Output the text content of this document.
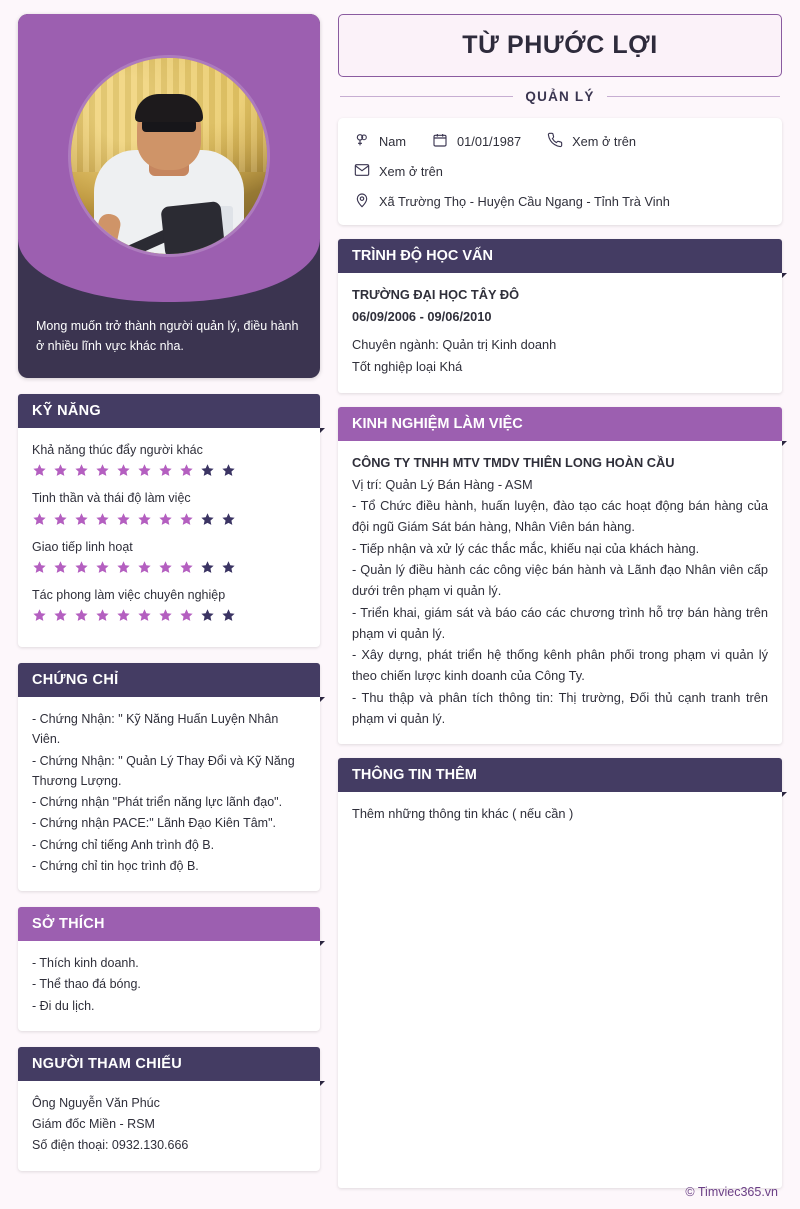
Mong muốn trở thành người quản lý, điều hành ở nhiều lĩnh vực khác nha.
KỸ NĂNG
Khả năng thúc đẩy người khác
Tinh thần và thái độ làm việc
Giao tiếp linh hoạt
Tác phong làm việc chuyên nghiệp
CHỨNG CHỈ

- Chứng Nhận: " Kỹ Năng Huấn Luyện Nhân Viên.

- Chứng Nhận: " Quản Lý Thay Đổi và Kỹ Năng Thương Lượng.

- Chứng nhận "Phát triển năng lực lãnh đạo".

- Chứng nhận PACE:" Lãnh Đạo Kiên Tâm".

- Chứng chỉ tiếng Anh trình độ B.

- Chứng chỉ tin học trình độ B.

SỞ THÍCH

- Thích kinh doanh.

- Thể thao đá bóng.

- Đi du lịch.

NGƯỜI THAM CHIẾU

Ông Nguyễn Văn Phúc

Giám đốc Miền - RSM

Số điện thoại: 0932.130.666

TỪ PHƯỚC LỢI
QUẢN LÝ
Nam	01/01/1987	Xem ở trên
Xem ở trên
Xã Trường Thọ - Huyện Cầu Ngang - Tỉnh Trà Vinh
TRÌNH ĐỘ HỌC VẤN

TRƯỜNG ĐẠI HỌC TÂY ĐÔ

06/09/2006 - 09/06/2010

Chuyên ngành: Quản trị Kinh doanh

Tốt nghiệp loại Khá

KINH NGHIỆM LÀM VIỆC

CÔNG TY TNHH MTV TMDV THIÊN LONG HOÀN CẦU

Vị trí: Quản Lý Bán Hàng - ASM

- Tổ Chức điều hành, huấn luyện, đào tạo các hoạt động bán hàng của đội ngũ Giám Sát bán hàng, Nhân Viên bán hàng.

- Tiếp nhận và xử lý các thắc mắc, khiếu nại của khách hàng.

- Quản lý điều hành các công việc bán hành và Lãnh đạo Nhân viên cấp dưới trên phạm vi quản lý.

- Triển khai, giám sát và báo cáo các chương trình hỗ trợ bán hàng trên phạm vi quản lý.

- Xây dựng, phát triển hệ thống kênh phân phối trong phạm vi quản lý theo chiến lược kinh doanh của Công Ty.

- Thu thập và phân tích thông tin: Thị trường, Đối thủ cạnh tranh trên phạm vi quản lý.

THÔNG TIN THÊM

Thêm những thông tin khác ( nếu cần )

© Timviec365.vn
